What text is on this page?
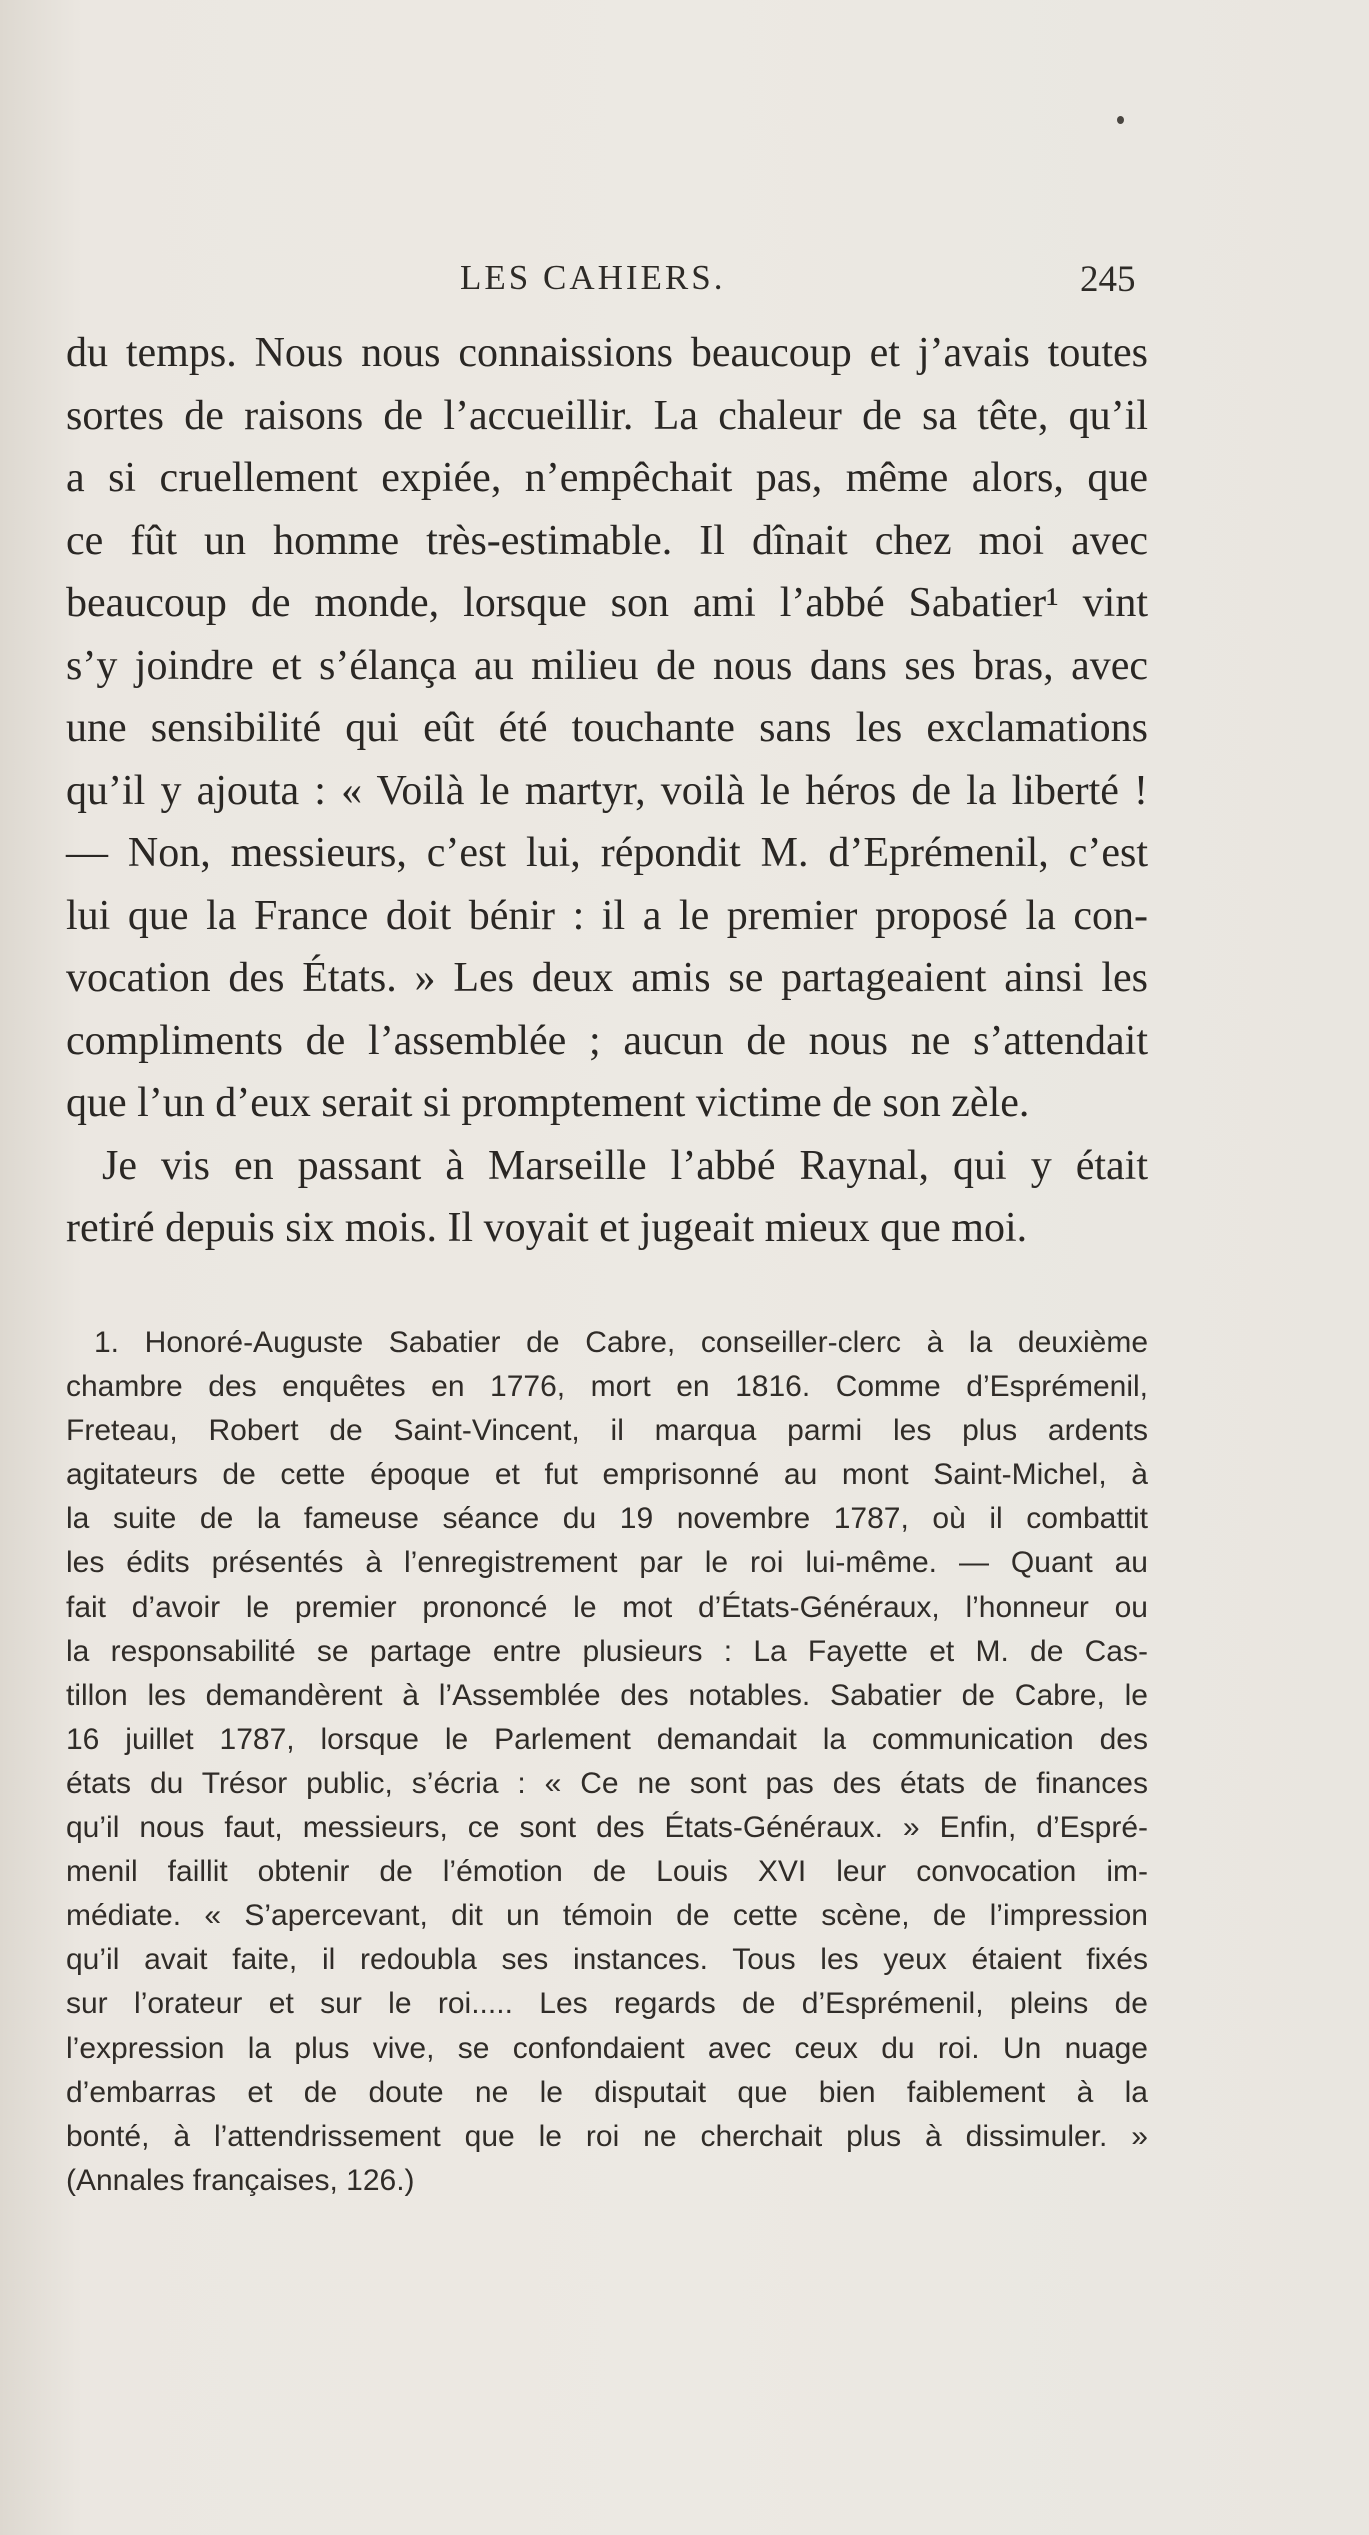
LES CAHIERS.	245
du temps. Nous nous connaissions beaucoup et j’avais toutes
sortes de raisons de l’accueillir. La chaleur de sa tête, qu’il
a si cruellement expiée, n’empêchait pas, même alors, que
ce fût un homme très-estimable. Il dînait chez moi avec
beaucoup de monde, lorsque son ami l’abbé Sabatier¹ vint
s’y joindre et s’élança au milieu de nous dans ses bras, avec
une sensibilité qui eût été touchante sans les exclamations
qu’il y ajouta : « Voilà le martyr, voilà le héros de la liberté !
— Non, messieurs, c’est lui, répondit M. d’Eprémenil, c’est
lui que la France doit bénir : il a le premier proposé la con-
vocation des États. » Les deux amis se partageaient ainsi les
compliments de l’assemblée ; aucun de nous ne s’attendait
que l’un d’eux serait si promptement victime de son zèle.
Je vis en passant à Marseille l’abbé Raynal, qui y était
retiré depuis six mois. Il voyait et jugeait mieux que moi.
1. Honoré-Auguste Sabatier de Cabre, conseiller-clerc à la deuxième
chambre des enquêtes en 1776, mort en 1816. Comme d’Esprémenil,
Freteau, Robert de Saint-Vincent, il marqua parmi les plus ardents
agitateurs de cette époque et fut emprisonné au mont Saint-Michel, à
la suite de la fameuse séance du 19 novembre 1787, où il combattit
les édits présentés à l’enregistrement par le roi lui-même. — Quant au
fait d’avoir le premier prononcé le mot d’États-Généraux, l’honneur ou
la responsabilité se partage entre plusieurs : La Fayette et M. de Cas-
tillon les demandèrent à l’Assemblée des notables. Sabatier de Cabre, le
16 juillet 1787, lorsque le Parlement demandait la communication des
états du Trésor public, s’écria : « Ce ne sont pas des états de finances
qu’il nous faut, messieurs, ce sont des États-Généraux. » Enfin, d’Espré-
menil faillit obtenir de l’émotion de Louis XVI leur convocation im-
médiate. « S’apercevant, dit un témoin de cette scène, de l’impression
qu’il avait faite, il redoubla ses instances. Tous les yeux étaient fixés
sur l’orateur et sur le roi..... Les regards de d’Esprémenil, pleins de
l’expression la plus vive, se confondaient avec ceux du roi. Un nuage
d’embarras et de doute ne le disputait que bien faiblement à la
bonté, à l’attendrissement que le roi ne cherchait plus à dissimuler. »
(Annales françaises, 126.)
